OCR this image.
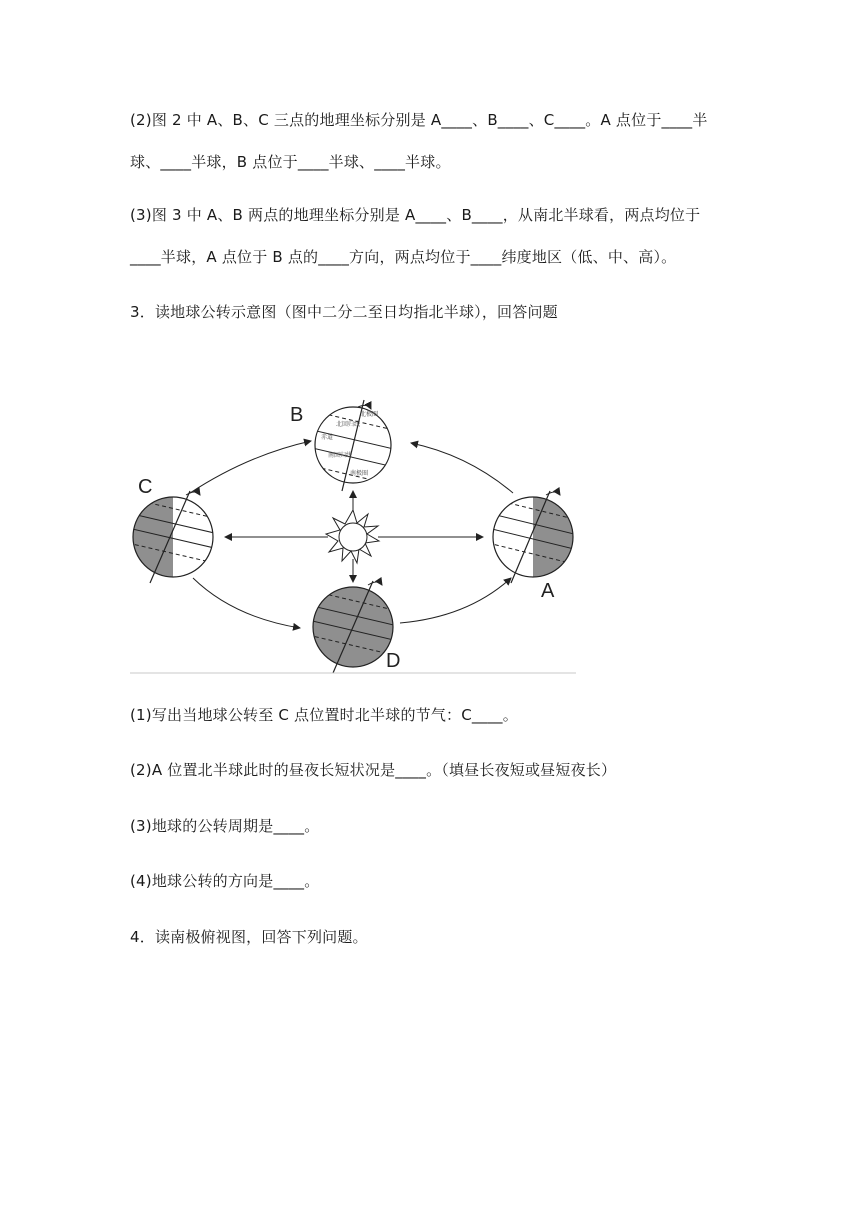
(2)图 2 中 A、B、C 三点的地理坐标分别是 A____、B____、C____。A 点位于____半
球、____半球，B 点位于____半球、____半球。
(3)图 3 中 A、B 两点的地理坐标分别是 A____、B____，从南北半球看，两点均位于
____半球，A 点位于 B 点的____方向，两点均位于____纬度地区（低、中、高）。
3．读地球公转示意图（图中二分二至日均指北半球），回答问题
北极圈
北回归线
赤道
南回归线
南极圈
B
C
A
D
(1)写出当地球公转至 C 点位置时北半球的节气：C____。
(2)A 位置北半球此时的昼夜长短状况是____。（填昼长夜短或昼短夜长）
(3)地球的公转周期是____。
(4)地球公转的方向是____。
4．读南极俯视图，回答下列问题。
